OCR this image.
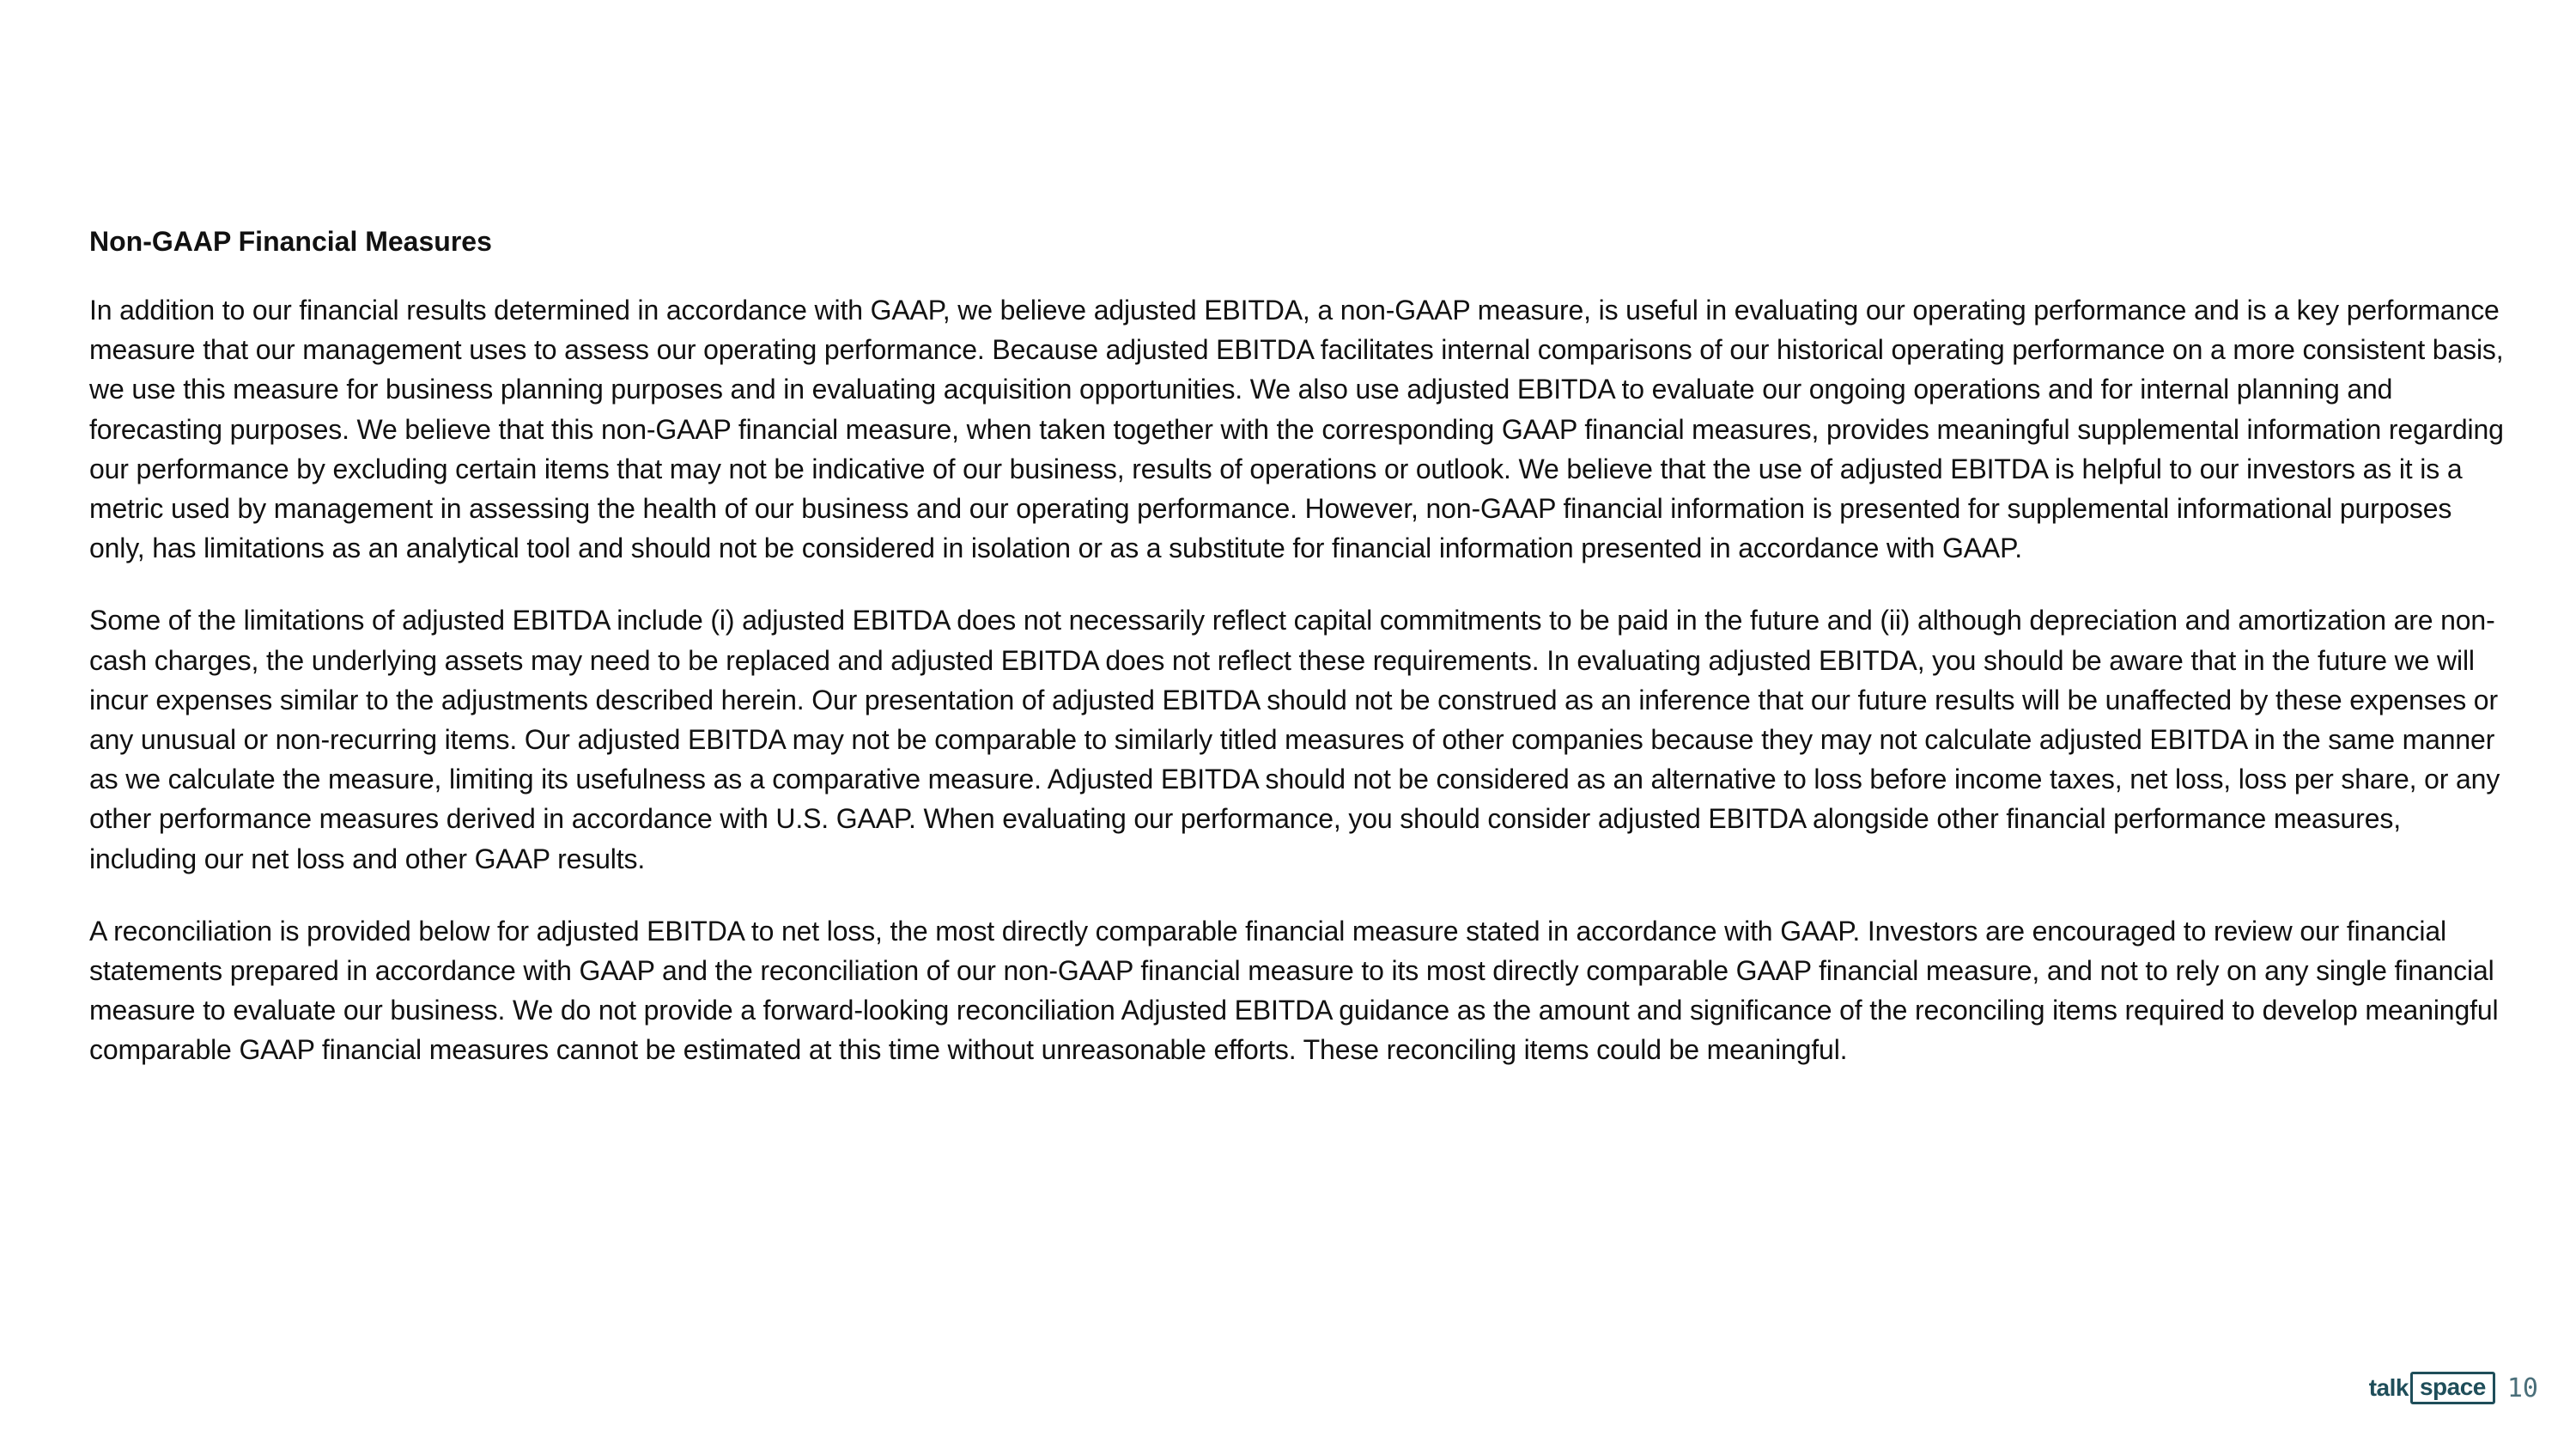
Non-GAAP Financial Measures

In addition to our financial results determined in accordance with GAAP, we believe adjusted EBITDA, a non-GAAP measure, is useful in evaluating our operating performance and is a key performance measure that our management uses to assess our operating performance. Because adjusted EBITDA facilitates internal comparisons of our historical operating performance on a more consistent basis, we use this measure for business planning purposes and in evaluating acquisition opportunities. We also use adjusted EBITDA to evaluate our ongoing operations and for internal planning and forecasting purposes. We believe that this non-GAAP financial measure, when taken together with the corresponding GAAP financial measures, provides meaningful supplemental information regarding our performance by excluding certain items that may not be indicative of our business, results of operations or outlook. We believe that the use of adjusted EBITDA is helpful to our investors as it is a metric used by management in assessing the health of our business and our operating performance. However, non-GAAP financial information is presented for supplemental informational purposes only, has limitations as an analytical tool and should not be considered in isolation or as a substitute for financial information presented in accordance with GAAP.

Some of the limitations of adjusted EBITDA include (i) adjusted EBITDA does not necessarily reflect capital commitments to be paid in the future and (ii) although depreciation and amortization are non-cash charges, the underlying assets may need to be replaced and adjusted EBITDA does not reflect these requirements. In evaluating adjusted EBITDA, you should be aware that in the future we will incur expenses similar to the adjustments described herein. Our presentation of adjusted EBITDA should not be construed as an inference that our future results will be unaffected by these expenses or any unusual or non-recurring items. Our adjusted EBITDA may not be comparable to similarly titled measures of other companies because they may not calculate adjusted EBITDA in the same manner as we calculate the measure, limiting its usefulness as a comparative measure. Adjusted EBITDA should not be considered as an alternative to loss before income taxes, net loss, loss per share, or any other performance measures derived in accordance with U.S. GAAP. When evaluating our performance, you should consider adjusted EBITDA alongside other financial performance measures, including our net loss and other GAAP results.

A reconciliation is provided below for adjusted EBITDA to net loss, the most directly comparable financial measure stated in accordance with GAAP. Investors are encouraged to review our financial statements prepared in accordance with GAAP and the reconciliation of our non-GAAP financial measure to its most directly comparable GAAP financial measure, and not to rely on any single financial measure to evaluate our business. We do not provide a forward-looking reconciliation Adjusted EBITDA guidance as the amount and significance of the reconciling items required to develop meaningful comparable GAAP financial measures cannot be estimated at this time without unreasonable efforts. These reconciling items could be meaningful.

talk space 10
